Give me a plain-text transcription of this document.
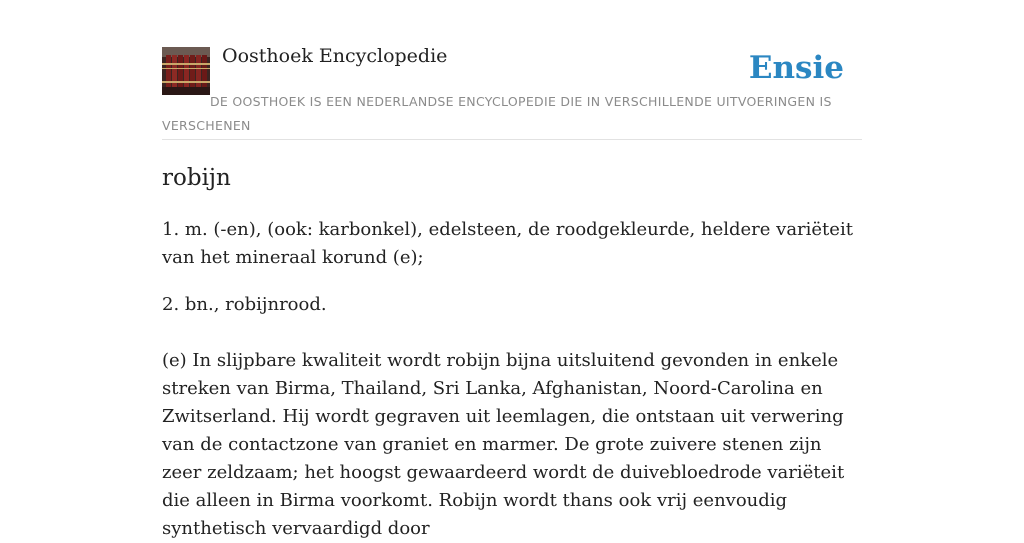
Oosthoek Encyclopedie	Ensie
DE OOSTHOEK IS EEN NEDERLANDSE ENCYCLOPEDIE DIE IN VERSCHILLENDE UITVOERINGEN IS VERSCHENEN
robijn

1. m. (-en), (ook: karbonkel), edelsteen, de roodgekleurde, heldere variëteit van het mineraal korund (e);

2. bn., robijnrood.

(e) In slijpbare kwaliteit wordt robijn bijna uitsluitend gevonden in enkele streken van Birma, Thailand, Sri Lanka, Afghanistan, Noord-Carolina en Zwitserland. Hij wordt gegraven uit leemlagen, die ontstaan uit verwering van de contactzone van graniet en marmer. De grote zuivere stenen zijn zeer zeldzaam; het hoogst gewaardeerd wordt de duivebloedrode variëteit die alleen in Birma voorkomt. Robijn wordt thans ook vrij eenvoudig synthetisch vervaardigd door
